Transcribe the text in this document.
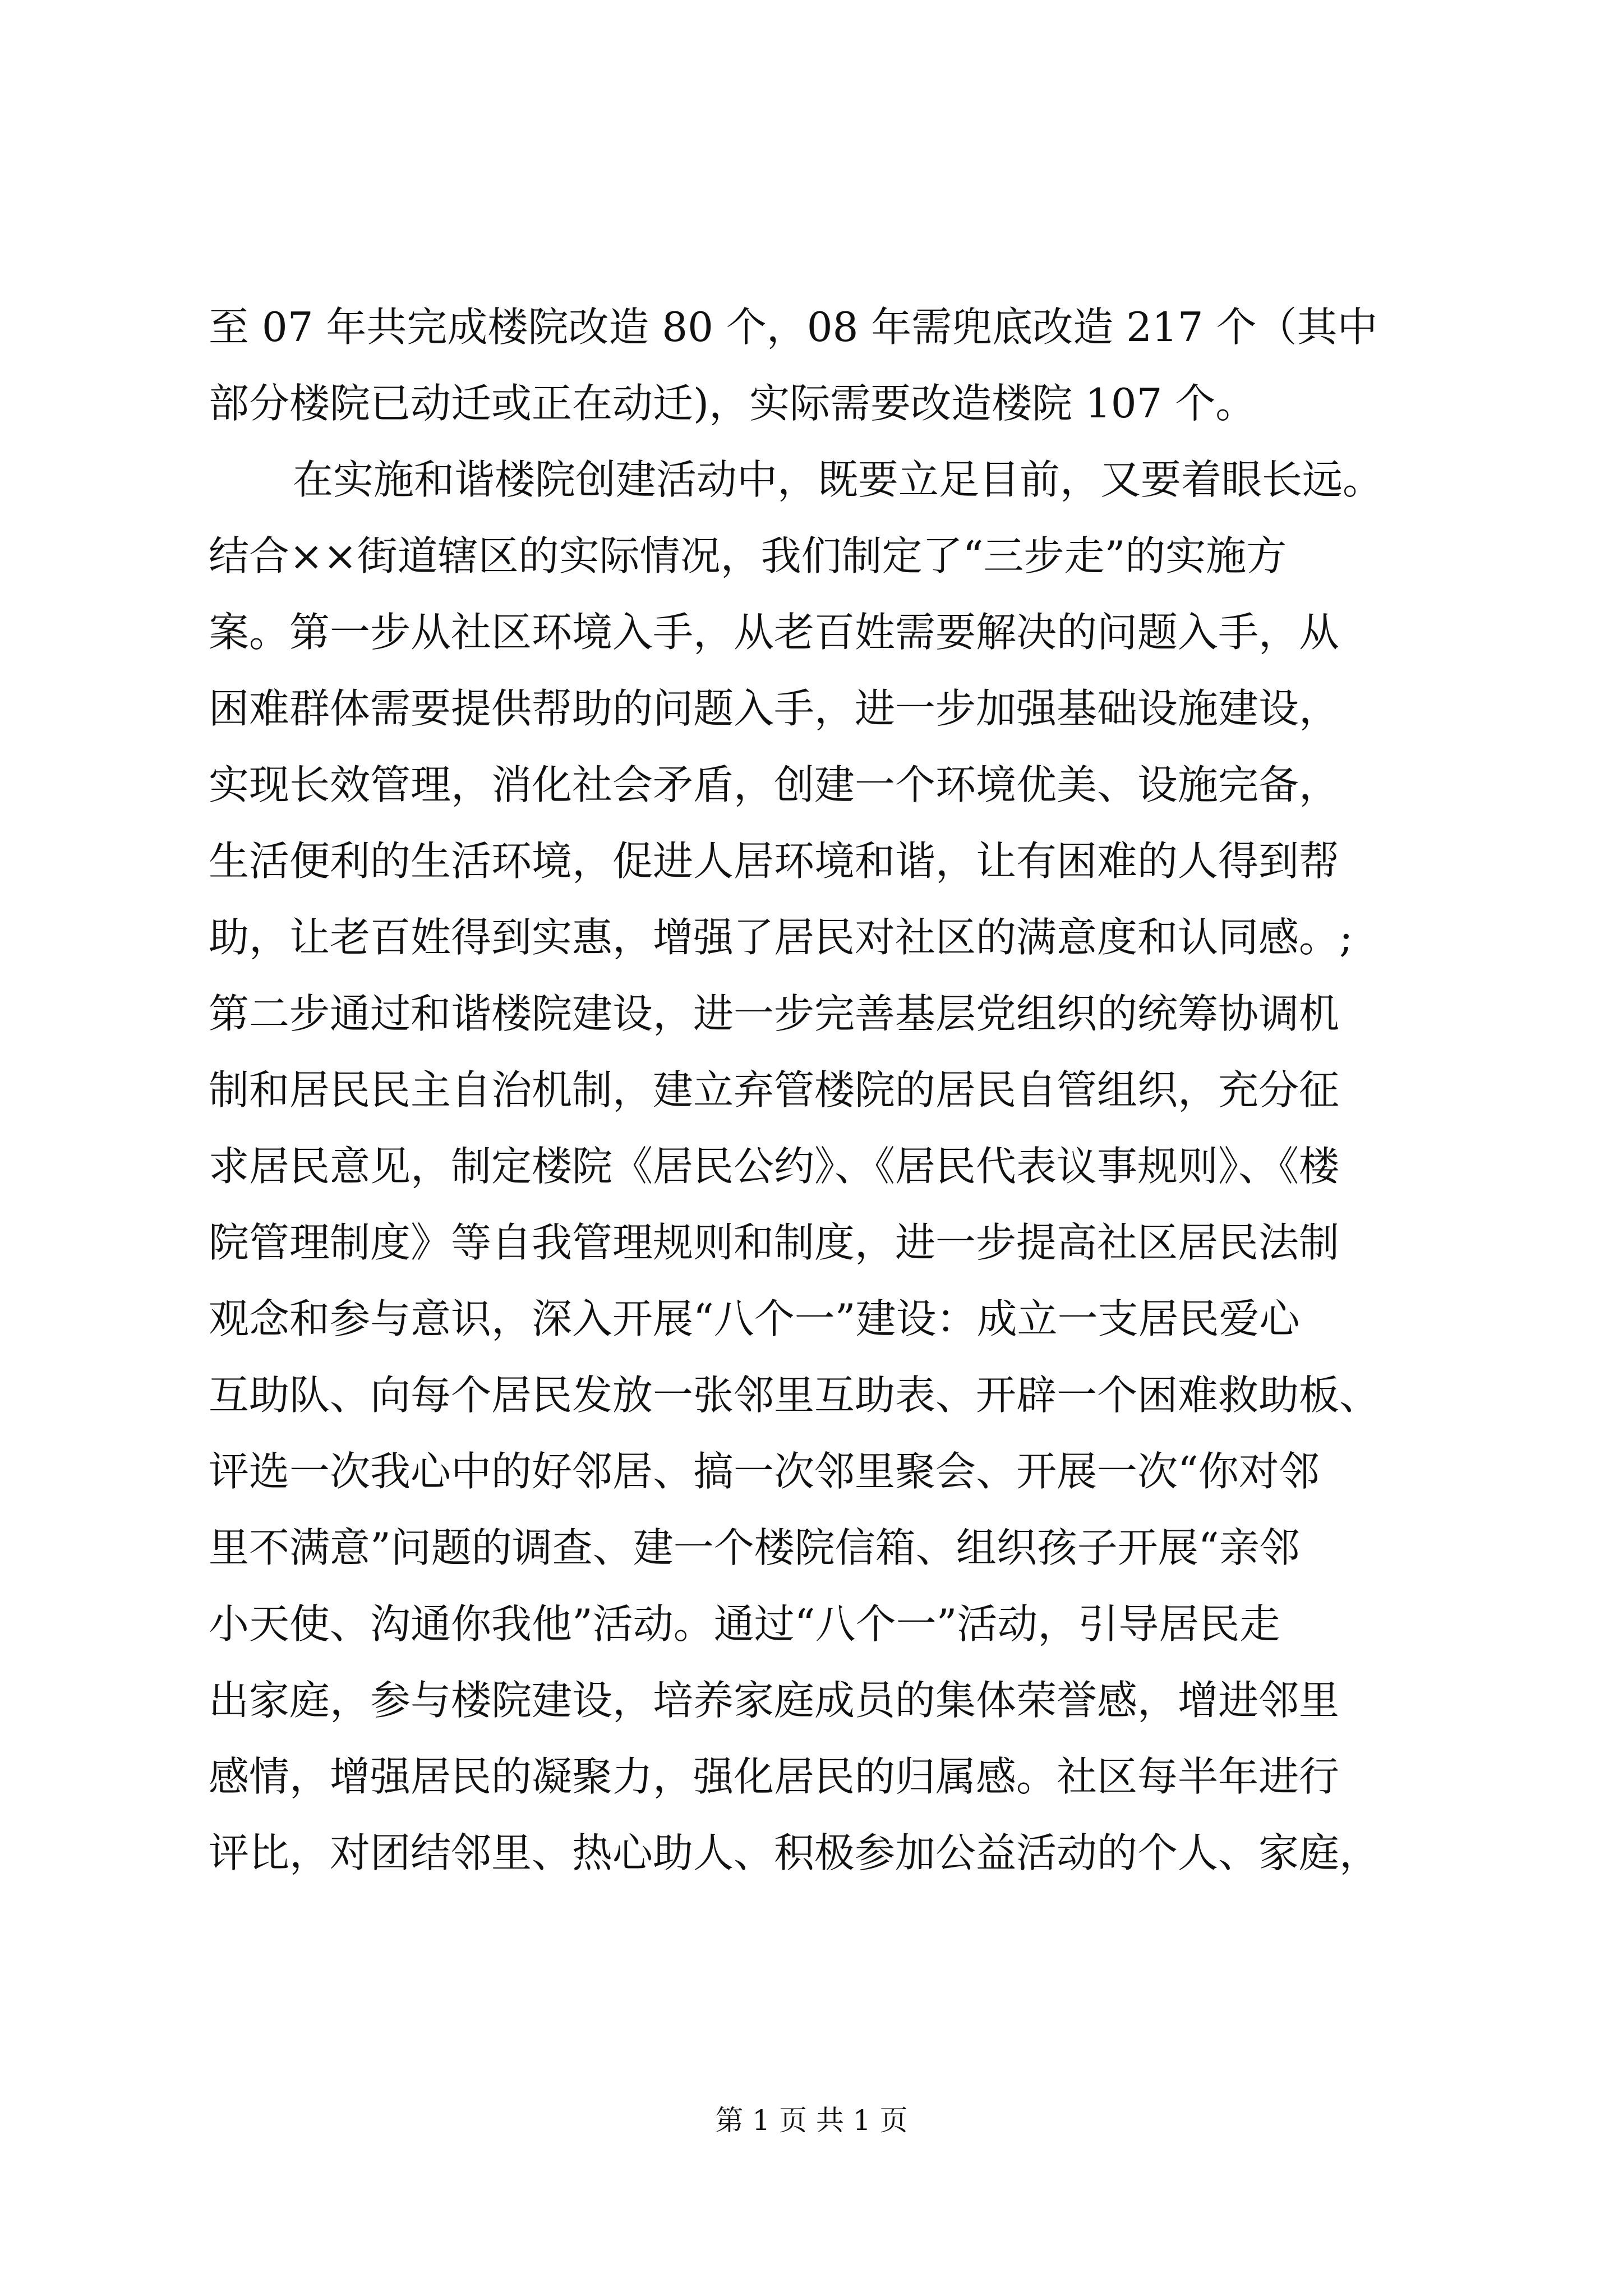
至 07 年共完成楼院改造 80 个，08 年需兜底改造 217 个（其中
部分楼院已动迁或正在动迁)，实际需要改造楼院 107 个。
在实施和谐楼院创建活动中，既要立足目前，又要着眼长远。
结合××街道辖区的实际情况，我们制定了“三步走”的实施方
案。第一步从社区环境入手，从老百姓需要解决的问题入手，从
困难群体需要提供帮助的问题入手，进一步加强基础设施建设，
实现长效管理，消化社会矛盾，创建一个环境优美、设施完备，
生活便利的生活环境，促进人居环境和谐，让有困难的人得到帮
助，让老百姓得到实惠，增强了居民对社区的满意度和认同感。;
第二步通过和谐楼院建设，进一步完善基层党组织的统筹协调机
制和居民民主自治机制，建立弃管楼院的居民自管组织，充分征
求居民意见，制定楼院《居民公约》、《居民代表议事规则》、《楼
院管理制度》等自我管理规则和制度，进一步提高社区居民法制
观念和参与意识，深入开展“八个一”建设：成立一支居民爱心
互助队、向每个居民发放一张邻里互助表、开辟一个困难救助板、
评选一次我心中的好邻居、搞一次邻里聚会、开展一次“你对邻
里不满意”问题的调查、建一个楼院信箱、组织孩子开展“亲邻
小天使、沟通你我他”活动。通过“八个一”活动，引导居民走
出家庭，参与楼院建设，培养家庭成员的集体荣誉感，增进邻里
感情，增强居民的凝聚力，强化居民的归属感。社区每半年进行
评比，对团结邻里、热心助人、积极参加公益活动的个人、家庭，
第 1 页 共 1 页
